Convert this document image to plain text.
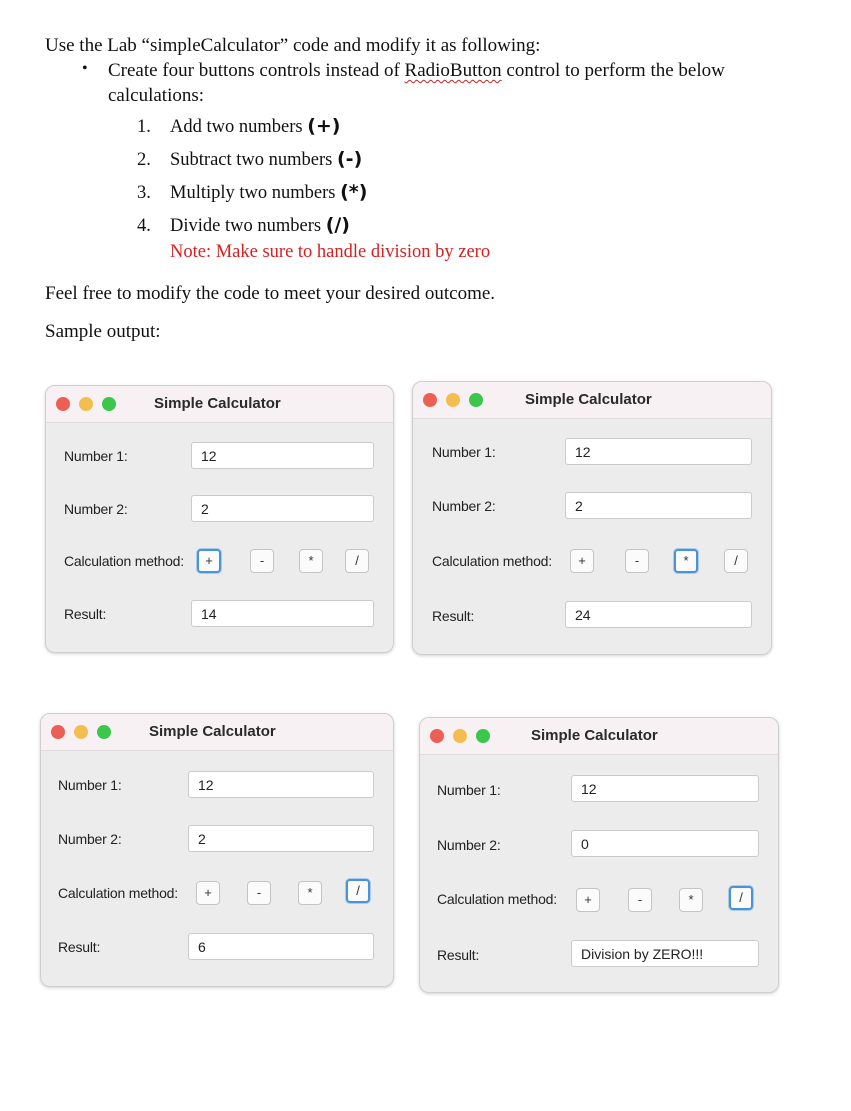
Use the Lab “simpleCalculator” code and modify it as following:
• Create four buttons controls instead of RadioButton control to perform the below
calculations:
1. Add two numbers (+)
2. Subtract two numbers (-)
3. Multiply two numbers (*)
4. Divide two numbers (/)
Note: Make sure to handle division by zero
Feel free to modify the code to meet your desired outcome.
Sample output:
Simple Calculator
Number 1:	12
Number 2:	2
Calculation method:	+	-	*	/
Result:	14
Simple Calculator
Number 1:	12
Number 2:	2
Calculation method:	+	-	*	/
Result:	24
Simple Calculator
Number 1:	12
Number 2:	2
Calculation method:	+	-	*	/
Result:	6
Simple Calculator
Number 1:	12
Number 2:	0
Calculation method:	+	-	*	/
Result:	Division by ZERO!!!
